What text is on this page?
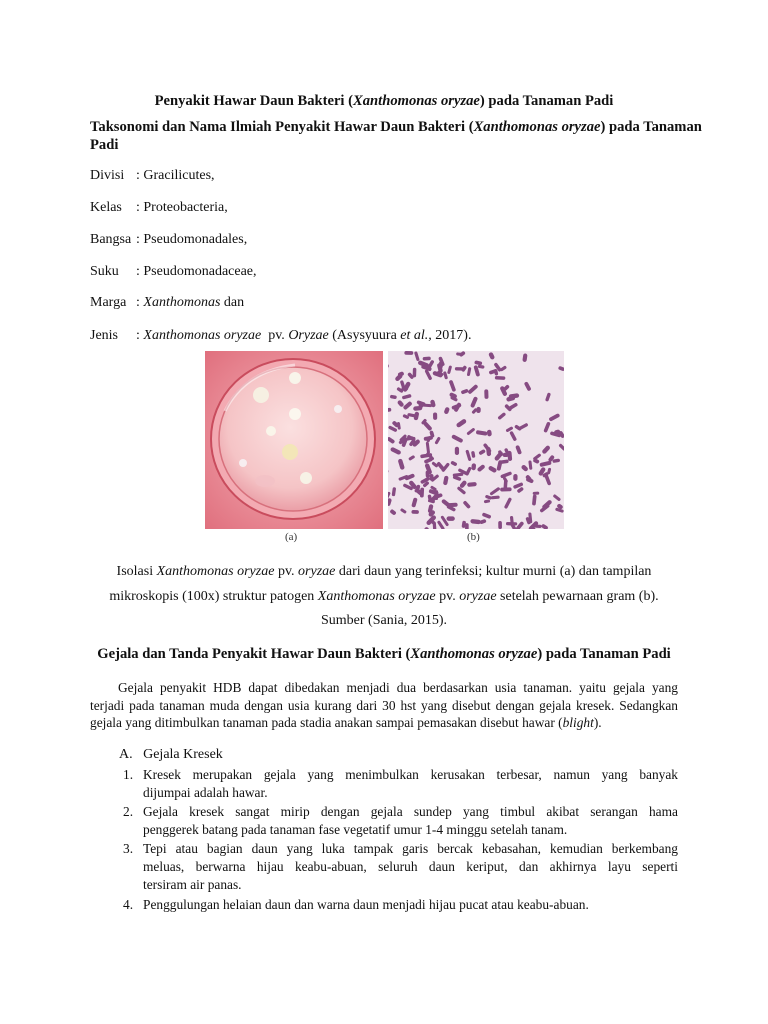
Penyakit Hawar Daun Bakteri (Xanthomonas oryzae) pada Tanaman Padi
Taksonomi dan Nama Ilmiah Penyakit Hawar Daun Bakteri (Xanthomonas oryzae) pada Tanaman
Padi
Divisi : Gracilicutes,
Kelas : Proteobacteria,
Bangsa : Pseudomonadales,
Suku : Pseudomonadaceae,
Marga : Xanthomonas dan
Jenis : Xanthomonas oryzae  pv. Oryzae (Asysyuura et al., 2017).
(a)	(b)
Isolasi Xanthomonas oryzae pv. oryzae dari daun yang terinfeksi; kultur murni (a) dan tampilan
mikroskopis (100x) struktur patogen Xanthomonas oryzae pv. oryzae setelah pewarnaan gram (b).
Sumber (Sania, 2015).
Gejala dan Tanda Penyakit Hawar Daun Bakteri (Xanthomonas oryzae) pada Tanaman Padi
Gejala penyakit HDB dapat dibedakan menjadi dua berdasarkan usia tanaman. yaitu gejala yang
terjadi pada tanaman muda dengan usia kurang dari 30 hst yang disebut dengan gejala kresek. Sedangkan
gejala yang ditimbulkan tanaman pada stadia anakan sampai pemasakan disebut hawar (blight).
A.   Gejala Kresek
1. Kresek merupakan gejala yang menimbulkan kerusakan terbesar, namun yang banyak
dijumpai adalah hawar.
2. Gejala kresek sangat mirip dengan gejala sundep yang timbul akibat serangan hama
penggerek batang pada tanaman fase vegetatif umur 1-4 minggu setelah tanam.
3. Tepi atau bagian daun yang luka tampak garis bercak kebasahan, kemudian berkembang
meluas, berwarna hijau keabu-abuan, seluruh daun keriput, dan akhirnya layu seperti
tersiram air panas.
4. Penggulungan helaian daun dan warna daun menjadi hijau pucat atau keabu-abuan.
